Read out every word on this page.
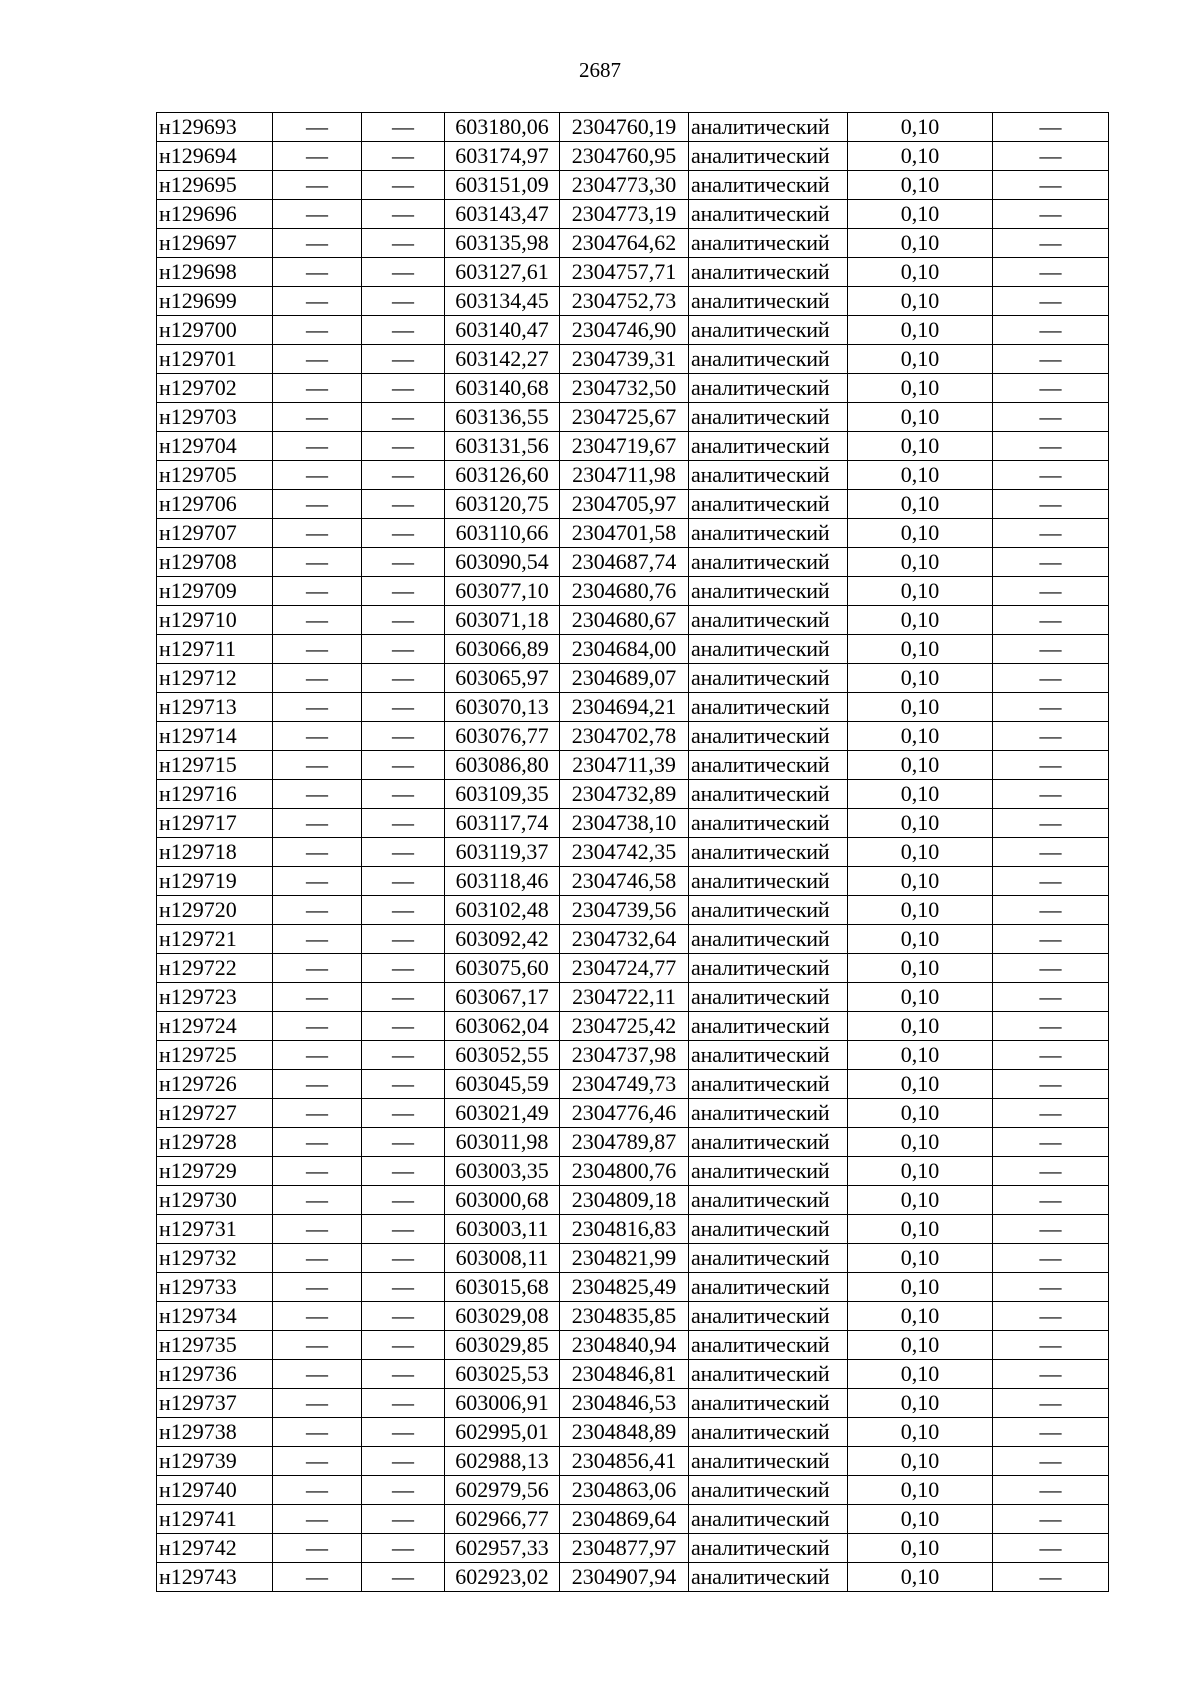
2687
н129693	—	—	603180,06	2304760,19	аналитический	0,10	—
н129694	—	—	603174,97	2304760,95	аналитический	0,10	—
н129695	—	—	603151,09	2304773,30	аналитический	0,10	—
н129696	—	—	603143,47	2304773,19	аналитический	0,10	—
н129697	—	—	603135,98	2304764,62	аналитический	0,10	—
н129698	—	—	603127,61	2304757,71	аналитический	0,10	—
н129699	—	—	603134,45	2304752,73	аналитический	0,10	—
н129700	—	—	603140,47	2304746,90	аналитический	0,10	—
н129701	—	—	603142,27	2304739,31	аналитический	0,10	—
н129702	—	—	603140,68	2304732,50	аналитический	0,10	—
н129703	—	—	603136,55	2304725,67	аналитический	0,10	—
н129704	—	—	603131,56	2304719,67	аналитический	0,10	—
н129705	—	—	603126,60	2304711,98	аналитический	0,10	—
н129706	—	—	603120,75	2304705,97	аналитический	0,10	—
н129707	—	—	603110,66	2304701,58	аналитический	0,10	—
н129708	—	—	603090,54	2304687,74	аналитический	0,10	—
н129709	—	—	603077,10	2304680,76	аналитический	0,10	—
н129710	—	—	603071,18	2304680,67	аналитический	0,10	—
н129711	—	—	603066,89	2304684,00	аналитический	0,10	—
н129712	—	—	603065,97	2304689,07	аналитический	0,10	—
н129713	—	—	603070,13	2304694,21	аналитический	0,10	—
н129714	—	—	603076,77	2304702,78	аналитический	0,10	—
н129715	—	—	603086,80	2304711,39	аналитический	0,10	—
н129716	—	—	603109,35	2304732,89	аналитический	0,10	—
н129717	—	—	603117,74	2304738,10	аналитический	0,10	—
н129718	—	—	603119,37	2304742,35	аналитический	0,10	—
н129719	—	—	603118,46	2304746,58	аналитический	0,10	—
н129720	—	—	603102,48	2304739,56	аналитический	0,10	—
н129721	—	—	603092,42	2304732,64	аналитический	0,10	—
н129722	—	—	603075,60	2304724,77	аналитический	0,10	—
н129723	—	—	603067,17	2304722,11	аналитический	0,10	—
н129724	—	—	603062,04	2304725,42	аналитический	0,10	—
н129725	—	—	603052,55	2304737,98	аналитический	0,10	—
н129726	—	—	603045,59	2304749,73	аналитический	0,10	—
н129727	—	—	603021,49	2304776,46	аналитический	0,10	—
н129728	—	—	603011,98	2304789,87	аналитический	0,10	—
н129729	—	—	603003,35	2304800,76	аналитический	0,10	—
н129730	—	—	603000,68	2304809,18	аналитический	0,10	—
н129731	—	—	603003,11	2304816,83	аналитический	0,10	—
н129732	—	—	603008,11	2304821,99	аналитический	0,10	—
н129733	—	—	603015,68	2304825,49	аналитический	0,10	—
н129734	—	—	603029,08	2304835,85	аналитический	0,10	—
н129735	—	—	603029,85	2304840,94	аналитический	0,10	—
н129736	—	—	603025,53	2304846,81	аналитический	0,10	—
н129737	—	—	603006,91	2304846,53	аналитический	0,10	—
н129738	—	—	602995,01	2304848,89	аналитический	0,10	—
н129739	—	—	602988,13	2304856,41	аналитический	0,10	—
н129740	—	—	602979,56	2304863,06	аналитический	0,10	—
н129741	—	—	602966,77	2304869,64	аналитический	0,10	—
н129742	—	—	602957,33	2304877,97	аналитический	0,10	—
н129743	—	—	602923,02	2304907,94	аналитический	0,10	—
